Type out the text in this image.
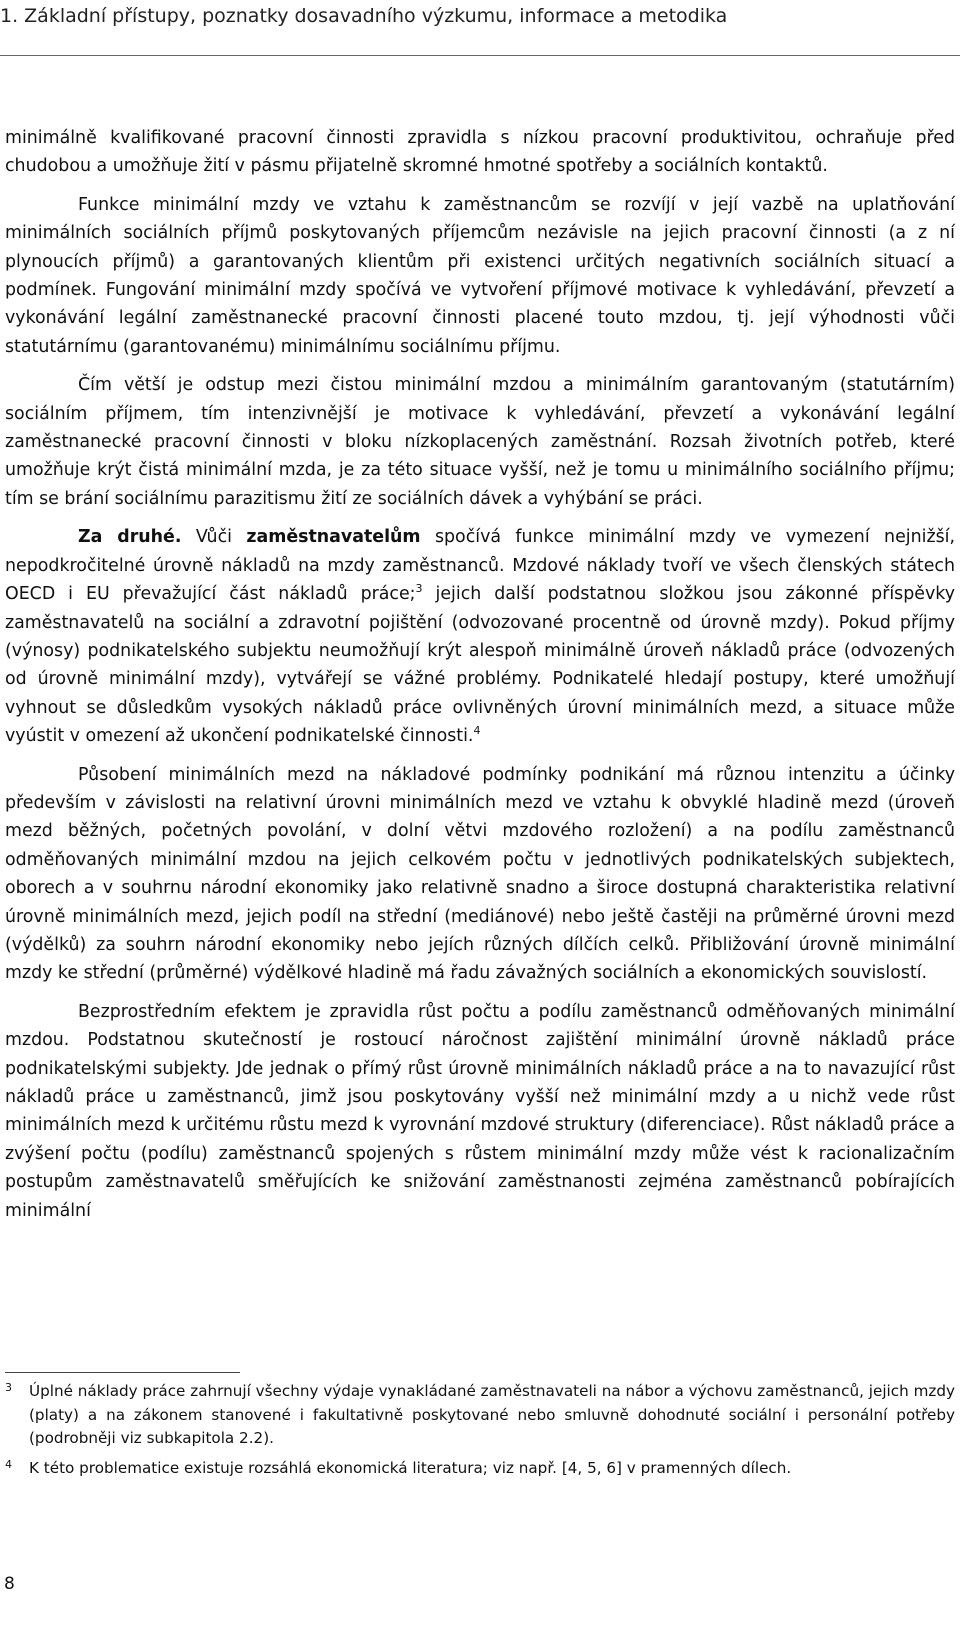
1. Základní přístupy, poznatky dosavadního výzkumu, informace a metodika

minimálně kvalifikované pracovní činnosti zpravidla s nízkou pracovní produktivitou, ochraňuje před chudobou a umožňuje žití v pásmu přijatelně skromné hmotné spotřeby a sociálních kontaktů.

Funkce minimální mzdy ve vztahu k zaměstnancům se rozvíjí v její vazbě na uplatňování minimálních sociálních příjmů poskytovaných příjemcům nezávisle na jejich pracovní činnosti (a z ní plynoucích příjmů) a garantovaných klientům při existenci určitých negativních sociálních situací a podmínek. Fungování minimální mzdy spočívá ve vytvoření příjmové motivace k vyhledávání, převzetí a vykonávání legální zaměstnanecké pracovní činnosti placené touto mzdou, tj. její výhodnosti vůči statutárnímu (garantovanému) minimálnímu sociálnímu příjmu.

Čím větší je odstup mezi čistou minimální mzdou a minimálním garantovaným (statutárním) sociálním příjmem, tím intenzivnější je motivace k vyhledávání, převzetí a vykonávání legální zaměstnanecké pracovní činnosti v bloku nízkoplacených zaměstnání. Rozsah životních potřeb, které umožňuje krýt čistá minimální mzda, je za této situace vyšší, než je tomu u minimálního sociálního příjmu; tím se brání sociálnímu parazitismu žití ze sociálních dávek a vyhýbání se práci.

Za druhé. Vůči zaměstnavatelům spočívá funkce minimální mzdy ve vymezení nejnižší, nepodkročitelné úrovně nákladů na mzdy zaměstnanců. Mzdové náklady tvoří ve všech členských státech OECD i EU převažující část nákladů práce;$^3$ jejich další podstatnou složkou jsou zákonné příspěvky zaměstnavatelů na sociální a zdravotní pojištění (odvozované procentně od úrovně mzdy). Pokud příjmy (výnosy) podnikatelského subjektu neumožňují krýt alespoň minimálně úroveň nákladů práce (odvozených od úrovně minimální mzdy), vytvářejí se vážné problémy. Podnikatelé hledají postupy, které umožňují vyhnout se důsledkům vysokých nákladů práce ovlivněných úrovní minimálních mezd, a situace může vyústit v omezení až ukončení podnikatelské činnosti.$^4$

Působení minimálních mezd na nákladové podmínky podnikání má různou intenzitu a účinky především v závislosti na relativní úrovni minimálních mezd ve vztahu k obvyklé hladině mezd (úroveň mezd běžných, početných povolání, v dolní větvi mzdového rozložení) a na podílu zaměstnanců odměňovaných minimální mzdou na jejich celkovém počtu v jednotlivých podnikatelských subjektech, oborech a v souhrnu národní ekonomiky jako relativně snadno a široce dostupná charakteristika relativní úrovně minimálních mezd, jejich podíl na střední (mediánové) nebo ještě častěji na průměrné úrovni mezd (výdělků) za souhrn národní ekonomiky nebo jejích různých dílčích celků. Přibližování úrovně minimální mzdy ke střední (průměrné) výdělkové hladině má řadu závažných sociálních a ekonomických souvislostí.

Bezprostředním efektem je zpravidla růst počtu a podílu zaměstnanců odměňovaných minimální mzdou. Podstatnou skutečností je rostoucí náročnost zajištění minimální úrovně nákladů práce podnikatelskými subjekty. Jde jednak o přímý růst úrovně minimálních nákladů práce a na to navazující růst nákladů práce u zaměstnanců, jimž jsou poskytovány vyšší než minimální mzdy a u nichž vede růst minimálních mezd k určitému růstu mezd k vyrovnání mzdové struktury (diferenciace). Růst nákladů práce a zvýšení počtu (podílu) zaměstnanců spojených s růstem minimální mzdy může vést k racionalizačním postupům zaměstnavatelů směřujících ke snižování zaměstnanosti zejména zaměstnanců pobírajících minimální

3 Úplné náklady práce zahrnují všechny výdaje vynakládané zaměstnavateli na nábor a výchovu zaměstnanců, jejich mzdy (platy) a na zákonem stanovené i fakultativně poskytované nebo smluvně dohodnuté sociální i personální potřeby (podrobněji viz subkapitola 2.2).
4 K této problematice existuje rozsáhlá ekonomická literatura; viz např. [4, 5, 6] v pramenných dílech.
8
